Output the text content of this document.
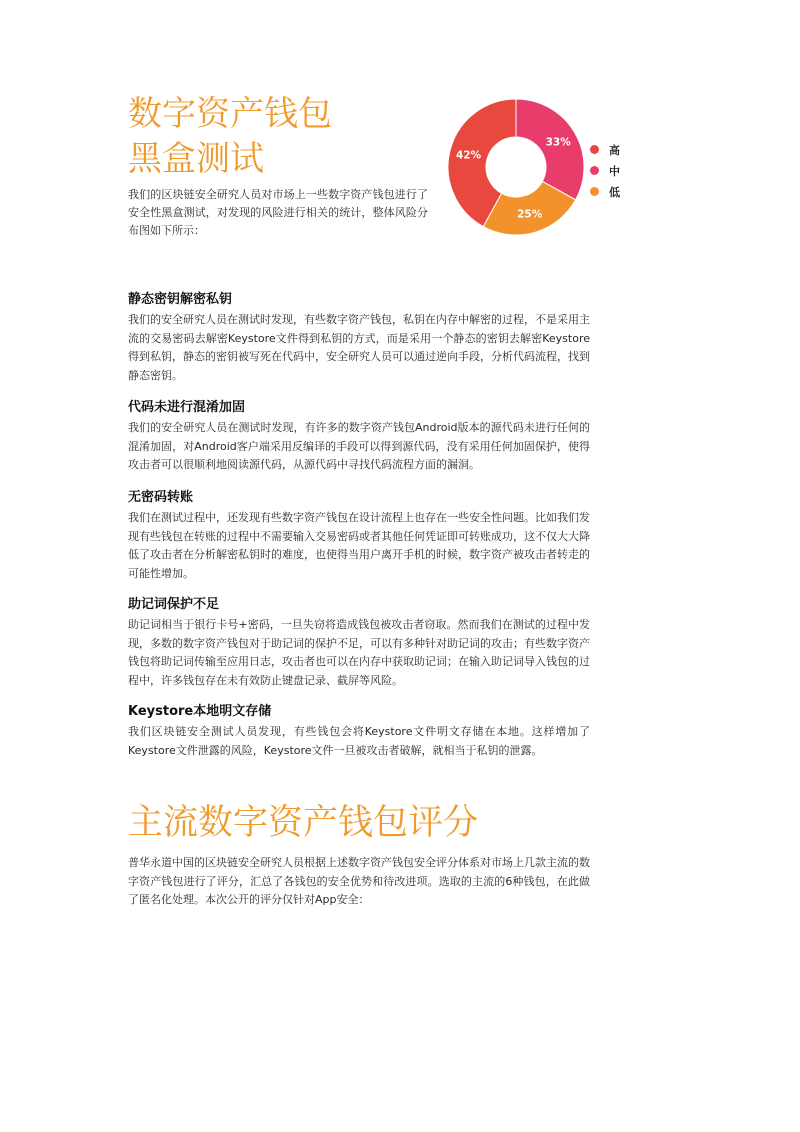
数字资产钱包
黑盒测试

我们的区块链安全研究人员对市场上一些数字资产钱包进行了安全性黑盒测试，对发现的风险进行相关的统计，整体风险分布图如下所示：

33%
25%
42%	高
中
低
静态密钥解密私钥

我们的安全研究人员在测试时发现，有些数字资产钱包，私钥在内存中解密的过程，不是采用主流的交易密码去解密Keystore文件得到私钥的方式，而是采用一个静态的密钥去解密Keystore得到私钥，静态的密钥被写死在代码中，安全研究人员可以通过逆向手段，分析代码流程，找到静态密钥。

代码未进行混淆加固

我们的安全研究人员在测试时发现，有许多的数字资产钱包Android版本的源代码未进行任何的混淆加固，对Android客户端采用反编译的手段可以得到源代码，没有采用任何加固保护，使得攻击者可以很顺利地阅读源代码，从源代码中寻找代码流程方面的漏洞。

无密码转账

我们在测试过程中，还发现有些数字资产钱包在设计流程上也存在一些安全性问题。比如我们发现有些钱包在转账的过程中不需要输入交易密码或者其他任何凭证即可转账成功，这不仅大大降低了攻击者在分析解密私钥时的难度，也使得当用户离开手机的时候，数字资产被攻击者转走的可能性增加。

助记词保护不足

助记词相当于银行卡号+密码，一旦失窃将造成钱包被攻击者窃取。然而我们在测试的过程中发现，多数的数字资产钱包对于助记词的保护不足，可以有多种针对助记词的攻击；有些数字资产钱包将助记词传输至应用日志，攻击者也可以在内存中获取助记词；在输入助记词导入钱包的过程中，许多钱包存在未有效防止键盘记录、截屏等风险。

Keystore本地明文存储

我们区块链安全测试人员发现，有些钱包会将Keystore文件明文存储在本地。这样增加了Keystore文件泄露的风险，Keystore文件一旦被攻击者破解，就相当于私钥的泄露。

主流数字资产钱包评分

普华永道中国的区块链安全研究人员根据上述数字资产钱包安全评分体系对市场上几款主流的数字资产钱包进行了评分，汇总了各钱包的安全优势和待改进项。选取的主流的6种钱包，在此做了匿名化处理。本次公开的评分仅针对App安全：
